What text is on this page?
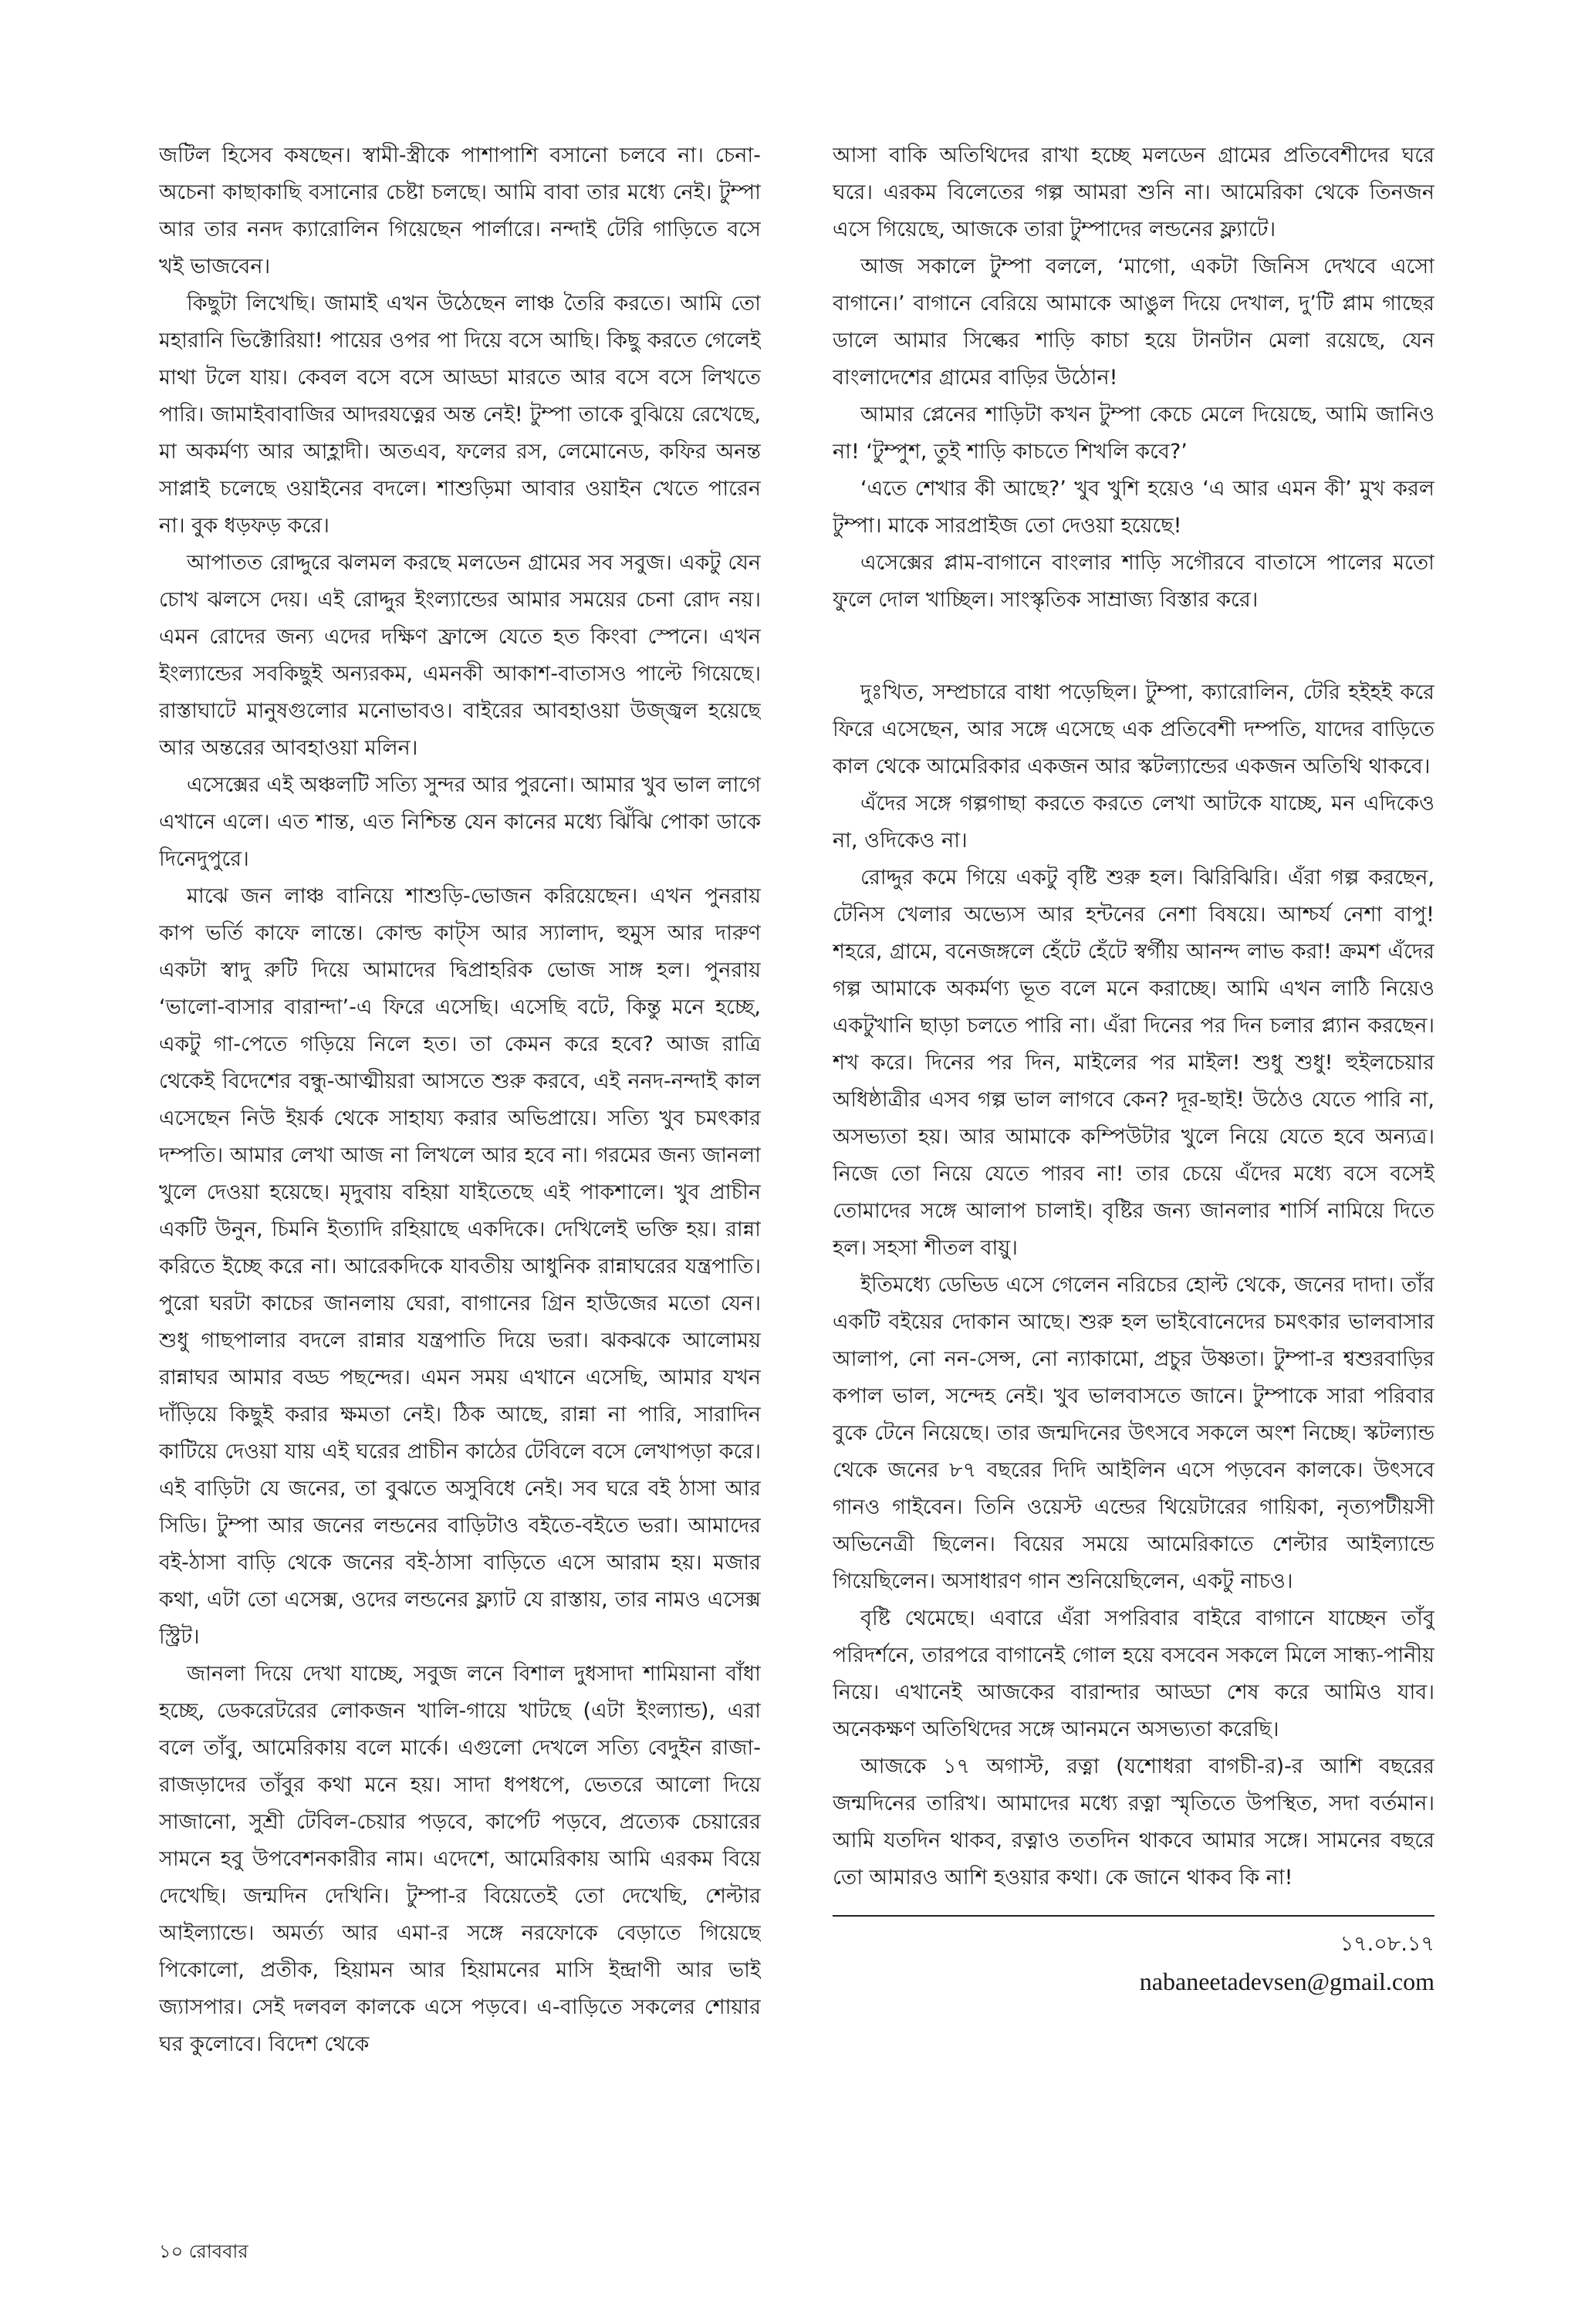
জটিল হিসেব কষছেন। স্বামী-স্ত্রীকে পাশাপাশি বসানো চলবে না। চেনা-অচেনা কাছাকাছি বসানোর চেষ্টা চলছে। আমি বাবা তার মধ্যে নেই। টুম্পা আর তার ননদ ক্যারোলিন গিয়েছেন পার্লারে। নন্দাই টেরি গাড়িতে বসে খই ভাজবেন।

কিছুটা লিখেছি। জামাই এখন উঠেছেন লাঞ্চ তৈরি করতে। আমি তো মহারানি ভিক্টোরিয়া! পায়ের ওপর পা দিয়ে বসে আছি। কিছু করতে গেলেই মাথা টলে যায়। কেবল বসে বসে আড্ডা মারতে আর বসে বসে লিখতে পারি। জামাইবাবাজির আদরযত্নের অন্ত নেই! টুম্পা তাকে বুঝিয়ে রেখেছে, মা অকর্মণ্য আর আহ্লাদী। অতএব, ফলের রস, লেমোনেড, কফির অনন্ত সাপ্লাই চলেছে ওয়াইনের বদলে। শাশুড়িমা আবার ওয়াইন খেতে পারেন না। বুক ধড়ফড় করে।

আপাতত রোদ্দুরে ঝলমল করছে মলডেন গ্রামের সব সবুজ। একটু যেন চোখ ঝলসে দেয়। এই রোদ্দুর ইংল্যান্ডের আমার সময়ের চেনা রোদ নয়। এমন রোদের জন্য এদের দক্ষিণ ফ্রান্সে যেতে হত কিংবা স্পেনে। এখন ইংল্যান্ডের সবকিছুই অন্যরকম, এমনকী আকাশ-বাতাসও পাল্টে গিয়েছে। রাস্তাঘাটে মানুষগুলোর মনোভাবও। বাইরের আবহাওয়া উজ্জ্বল হয়েছে আর অন্তরের আবহাওয়া মলিন।

এসেক্সের এই অঞ্চলটি সত্যি সুন্দর আর পুরনো। আমার খুব ভাল লাগে এখানে এলে। এত শান্ত, এত নিশ্চিন্ত যেন কানের মধ্যে ঝিঁঝি পোকা ডাকে দিনেদুপুরে।

মাঝে জন লাঞ্চ বানিয়ে শাশুড়ি-ভোজন করিয়েছেন। এখন পুনরায় কাপ ভর্তি কাফে লান্তে। কোল্ড কাট্‌স আর স্যালাদ, হুমুস আর দারুণ একটা স্বাদু রুটি দিয়ে আমাদের দ্বিপ্রাহরিক ভোজ সাঙ্গ হল। পুনরায় ‘ভালো-বাসার বারান্দা’-এ ফিরে এসেছি। এসেছি বটে, কিন্তু মনে হচ্ছে, একটু গা-পেতে গড়িয়ে নিলে হত। তা কেমন করে হবে? আজ রাত্রি থেকেই বিদেশের বন্ধু-আত্মীয়রা আসতে শুরু করবে, এই ননদ-নন্দাই কাল এসেছেন নিউ ইয়র্ক থেকে সাহায্য করার অভিপ্রায়ে। সত্যি খুব চমৎকার দম্পতি। আমার লেখা আজ না লিখলে আর হবে না। গরমের জন্য জানলা খুলে দেওয়া হয়েছে। মৃদুবায় বহিয়া যাইতেছে এই পাকশালে। খুব প্রাচীন একটি উনুন, চিমনি ইত্যাদি রহিয়াছে একদিকে। দেখিলেই ভক্তি হয়। রান্না করিতে ইচ্ছে করে না। আরেকদিকে যাবতীয় আধুনিক রান্নাঘরের যন্ত্রপাতি। পুরো ঘরটা কাচের জানলায় ঘেরা, বাগানের গ্রিন হাউজের মতো যেন। শুধু গাছপালার বদলে রান্নার যন্ত্রপাতি দিয়ে ভরা। ঝকঝকে আলোময় রান্নাঘর আমার বড্ড পছন্দের। এমন সময় এখানে এসেছি, আমার যখন দাঁড়িয়ে কিছুই করার ক্ষমতা নেই। ঠিক আছে, রান্না না পারি, সারাদিন কাটিয়ে দেওয়া যায় এই ঘরের প্রাচীন কাঠের টেবিলে বসে লেখাপড়া করে। এই বাড়িটা যে জনের, তা বুঝতে অসুবিধে নেই। সব ঘরে বই ঠাসা আর সিডি। টুম্পা আর জনের লন্ডনের বাড়িটাও বইতে-বইতে ভরা। আমাদের বই-ঠাসা বাড়ি থেকে জনের বই-ঠাসা বাড়িতে এসে আরাম হয়। মজার কথা, এটা তো এসেক্স, ওদের লন্ডনের ফ্ল্যাট যে রাস্তায়, তার নামও এসেক্স স্ট্রিট।

জানলা দিয়ে দেখা যাচ্ছে, সবুজ লনে বিশাল দুধসাদা শামিয়ানা বাঁধা হচ্ছে, ডেকরেটরের লোকজন খালি-গায়ে খাটছে (এটা ইংল্যান্ড), এরা বলে তাঁবু, আমেরিকায় বলে মার্কে। এগুলো দেখলে সত্যি বেদুইন রাজা-রাজড়াদের তাঁবুর কথা মনে হয়। সাদা ধপধপে, ভেতরে আলো দিয়ে সাজানো, সুশ্রী টেবিল-চেয়ার পড়বে, কার্পেট পড়বে, প্রত্যেক চেয়ারের সামনে হবু উপবেশনকারীর নাম। এদেশে, আমেরিকায় আমি এরকম বিয়ে দেখেছি। জন্মদিন দেখিনি। টুম্পা-র বিয়েতেই তো দেখেছি, শেল্টার আইল্যান্ডে। অমর্ত্য আর এমা-র সঙ্গে নরফোকে বেড়াতে গিয়েছে পিকোলো, প্রতীক, হিয়ামন আর হিয়ামনের মাসি ইন্দ্রাণী আর ভাই জ্যাসপার। সেই দলবল কালকে এসে পড়বে। এ-বাড়িতে সকলের শোয়ার ঘর কুলোবে। বিদেশ থেকে

আসা বাকি অতিথিদের রাখা হচ্ছে মলডেন গ্রামের প্রতিবেশীদের ঘরে ঘরে। এরকম বিলেতের গল্প আমরা শুনি না। আমেরিকা থেকে তিনজন এসে গিয়েছে, আজকে তারা টুম্পাদের লন্ডনের ফ্ল্যাটে।

আজ সকালে টুম্পা বললে, ‘মাগো, একটা জিনিস দেখবে এসো বাগানে।’ বাগানে বেরিয়ে আমাকে আঙুল দিয়ে দেখাল, দু’টি প্লাম গাছের ডালে আমার সিল্কের শাড়ি কাচা হয়ে টানটান মেলা রয়েছে, যেন বাংলাদেশের গ্রামের বাড়ির উঠোন!

আমার প্লেনের শাড়িটা কখন টুম্পা কেচে মেলে দিয়েছে, আমি জানিও না! ‘টুম্পুশ, তুই শাড়ি কাচতে শিখলি কবে?’

‘এতে শেখার কী আছে?’ খুব খুশি হয়েও ‘এ আর এমন কী’ মুখ করল টুম্পা। মাকে সারপ্রাইজ তো দেওয়া হয়েছে!

এসেক্সের প্লাম-বাগানে বাংলার শাড়ি সগৌরবে বাতাসে পালের মতো ফুলে দোল খাচ্ছিল। সাংস্কৃতিক সাম্রাজ্য বিস্তার করে।

দুঃখিত, সম্প্রচারে বাধা পড়েছিল। টুম্পা, ক্যারোলিন, টেরি হইহই করে ফিরে এসেছেন, আর সঙ্গে এসেছে এক প্রতিবেশী দম্পতি, যাদের বাড়িতে কাল থেকে আমেরিকার একজন আর স্কটল্যান্ডের একজন অতিথি থাকবে।

এঁদের সঙ্গে গল্পগাছা করতে করতে লেখা আটকে যাচ্ছে, মন এদিকেও না, ওদিকেও না।

রোদ্দুর কমে গিয়ে একটু বৃষ্টি শুরু হল। ঝিরিঝিরি। এঁরা গল্প করছেন, টেনিস খেলার অভ্যেস আর হন্টনের নেশা বিষয়ে। আশ্চর্য নেশা বাপু! শহরে, গ্রামে, বনেজঙ্গলে হেঁটে হেঁটে স্বর্গীয় আনন্দ লাভ করা! ক্রমশ এঁদের গল্প আমাকে অকর্মণ্য ভূত বলে মনে করাচ্ছে। আমি এখন লাঠি নিয়েও একটুখানি ছাড়া চলতে পারি না। এঁরা দিনের পর দিন চলার প্ল্যান করছেন। শখ করে। দিনের পর দিন, মাইলের পর মাইল! শুধু শুধু! হুইলচেয়ার অধিষ্ঠাত্রীর এসব গল্প ভাল লাগবে কেন? দূর-ছাই! উঠেও যেতে পারি না, অসভ্যতা হয়। আর আমাকে কম্পিউটার খুলে নিয়ে যেতে হবে অন্যত্র। নিজে তো নিয়ে যেতে পারব না! তার চেয়ে এঁদের মধ্যে বসে বসেই তোমাদের সঙ্গে আলাপ চালাই। বৃষ্টির জন্য জানলার শার্সি নামিয়ে দিতে হল। সহসা শীতল বায়ু।

ইতিমধ্যে ডেভিড এসে গেলেন নরিচের হোল্ট থেকে, জনের দাদা। তাঁর একটি বইয়ের দোকান আছে। শুরু হল ভাইবোনেদের চমৎকার ভালবাসার আলাপ, নো নন-সেন্স, নো ন্যাকামো, প্রচুর উষ্ণতা। টুম্পা-র শ্বশুরবাড়ির কপাল ভাল, সন্দেহ নেই। খুব ভালবাসতে জানে। টুম্পাকে সারা পরিবার বুকে টেনে নিয়েছে। তার জন্মদিনের উৎসবে সকলে অংশ নিচ্ছে। স্কটল্যান্ড থেকে জনের ৮৭ বছরের দিদি আইলিন এসে পড়বেন কালকে। উৎসবে গানও গাইবেন। তিনি ওয়েস্ট এন্ডের থিয়েটারের গায়িকা, নৃত্যপটীয়সী অভিনেত্রী ছিলেন। বিয়ের সময়ে আমেরিকাতে শেল্টার আইল্যান্ডে গিয়েছিলেন। অসাধারণ গান শুনিয়েছিলেন, একটু নাচও।

বৃষ্টি থেমেছে। এবারে এঁরা সপরিবার বাইরে বাগানে যাচ্ছেন তাঁবু পরিদর্শনে, তারপরে বাগানেই গোল হয়ে বসবেন সকলে মিলে সান্ধ্য-পানীয় নিয়ে। এখানেই আজকের বারান্দার আড্ডা শেষ করে আমিও যাব। অনেকক্ষণ অতিথিদের সঙ্গে আনমনে অসভ্যতা করেছি।

আজকে ১৭ অগাস্ট, রত্না (যশোধরা বাগচী-র)-র আশি বছরের জন্মদিনের তারিখ। আমাদের মধ্যে রত্না স্মৃতিতে উপস্থিত, সদা বর্তমান। আমি যতদিন থাকব, রত্নাও ততদিন থাকবে আমার সঙ্গে। সামনের বছরে তো আমারও আশি হওয়ার কথা। কে জানে থাকব কি না!

১৭.০৮.১৭
nabaneetadevsen@gmail.com
১০ রোববার
